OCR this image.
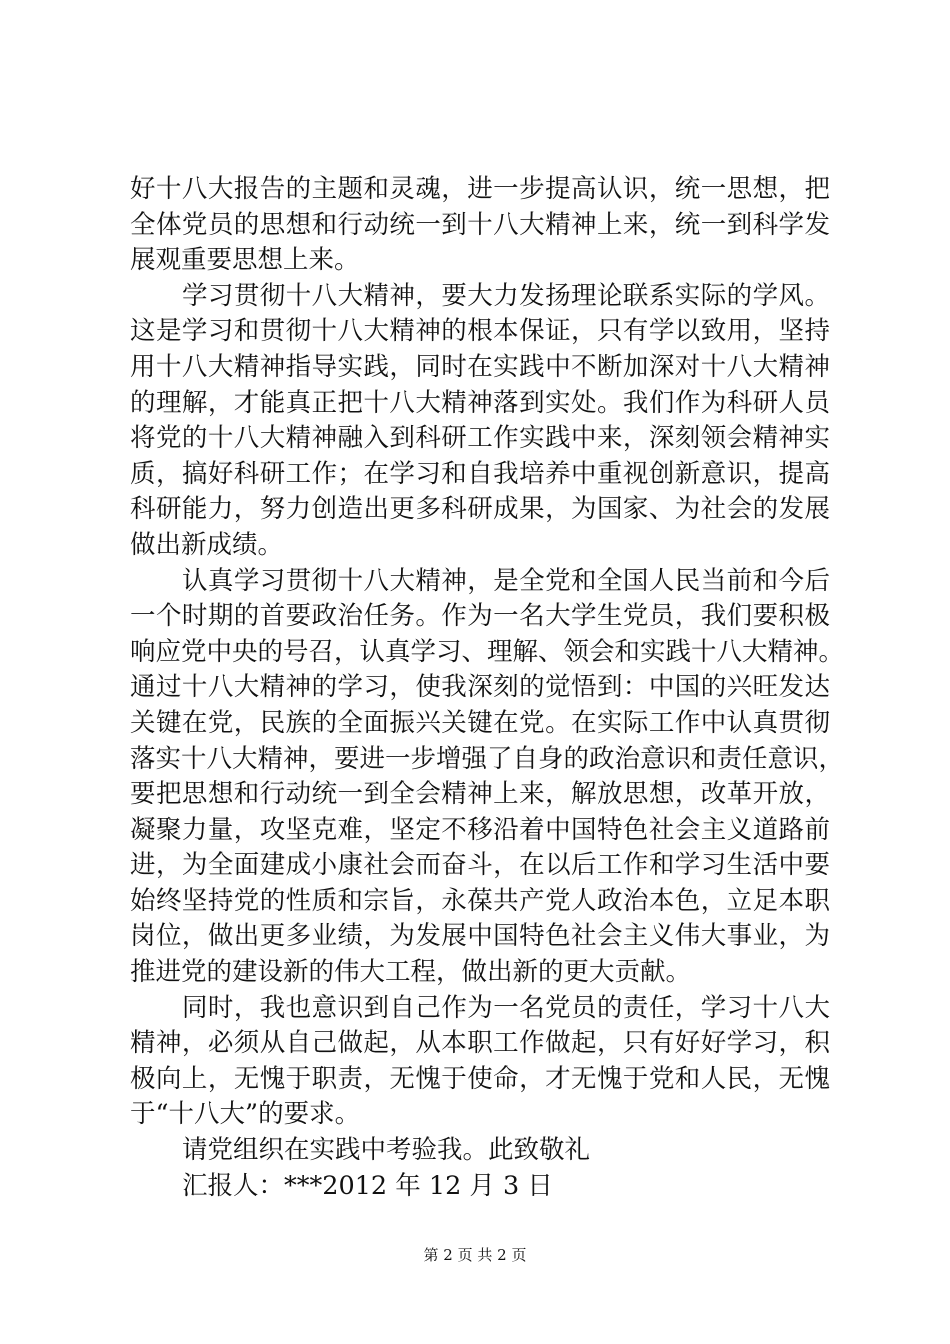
好十八大报告的主题和灵魂，进一步提高认识，统一思想，把
全体党员的思想和行动统一到十八大精神上来，统一到科学发
展观重要思想上来。
学习贯彻十八大精神，要大力发扬理论联系实际的学风。
这是学习和贯彻十八大精神的根本保证，只有学以致用，坚持
用十八大精神指导实践，同时在实践中不断加深对十八大精神
的理解，才能真正把十八大精神落到实处。我们作为科研人员
将党的十八大精神融入到科研工作实践中来，深刻领会精神实
质，搞好科研工作；在学习和自我培养中重视创新意识，提高
科研能力，努力创造出更多科研成果，为国家、为社会的发展
做出新成绩。
认真学习贯彻十八大精神，是全党和全国人民当前和今后
一个时期的首要政治任务。作为一名大学生党员，我们要积极
响应党中央的号召，认真学习、理解、领会和实践十八大精神。
通过十八大精神的学习，使我深刻的觉悟到：中国的兴旺发达
关键在党，民族的全面振兴关键在党。在实际工作中认真贯彻
落实十八大精神，要进一步增强了自身的政治意识和责任意识，
要把思想和行动统一到全会精神上来，解放思想，改革开放，
凝聚力量，攻坚克难，坚定不移沿着中国特色社会主义道路前
进，为全面建成小康社会而奋斗，在以后工作和学习生活中要
始终坚持党的性质和宗旨，永葆共产党人政治本色，立足本职
岗位，做出更多业绩，为发展中国特色社会主义伟大事业，为
推进党的建设新的伟大工程，做出新的更大贡献。
同时，我也意识到自己作为一名党员的责任，学习十八大
精神，必须从自己做起，从本职工作做起，只有好好学习，积
极向上，无愧于职责，无愧于使命，才无愧于党和人民，无愧
于“十八大”的要求。
请党组织在实践中考验我。此致敬礼
汇报人：***2012 年 12 月 3 日
第 2 页 共 2 页
